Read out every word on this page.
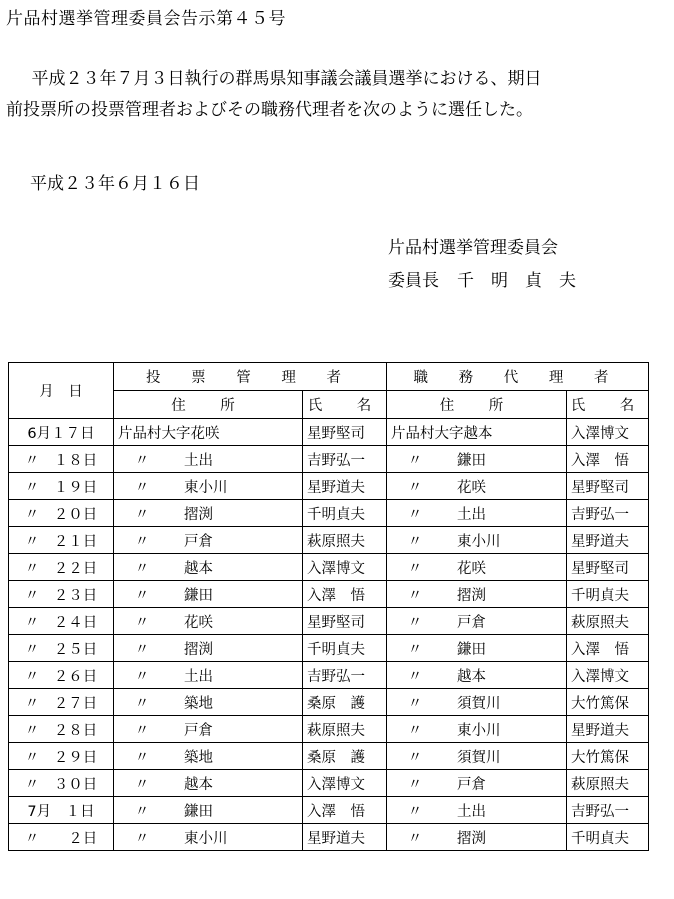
片品村選挙管理委員会告示第４５号

平成２３年７月３日執行の群馬県知事議会議員選挙における、期日

前投票所の投票管理者およびその職務代理者を次のように選任した。

平成２３年６月１６日
片品村選挙管理委員会
委員長 千　明　貞　夫
月　日	投 票 管 理 者		職 務 代 理 者	
	住　所	氏　名	住　所	氏　名
6月１７日	片品村大字花咲	星野堅司	片品村大字越本	入澤博文
〃　１８日	〃 土出	吉野弘一	〃 鎌田	入澤　悟
〃　１９日	〃 東小川	星野道夫	〃 花咲	星野堅司
〃　２０日	〃 摺渕	千明貞夫	〃 土出	吉野弘一
〃　２１日	〃 戸倉	萩原照夫	〃 東小川	星野道夫
〃　２２日	〃 越本	入澤博文	〃 花咲	星野堅司
〃　２３日	〃 鎌田	入澤　悟	〃 摺渕	千明貞夫
〃　２４日	〃 花咲	星野堅司	〃 戸倉	萩原照夫
〃　２５日	〃 摺渕	千明貞夫	〃 鎌田	入澤　悟
〃　２６日	〃 土出	吉野弘一	〃 越本	入澤博文
〃　２７日	〃 築地	桑原　護	〃 須賀川	大竹篤保
〃　２８日	〃 戸倉	萩原照夫	〃 東小川	星野道夫
〃　２９日	〃 築地	桑原　護	〃 須賀川	大竹篤保
〃　３０日	〃 越本	入澤博文	〃 戸倉	萩原照夫
7月　１日	〃 鎌田	入澤　悟	〃 土出	吉野弘一
〃　　２日	〃 東小川	星野道夫	〃 摺渕	千明貞夫
